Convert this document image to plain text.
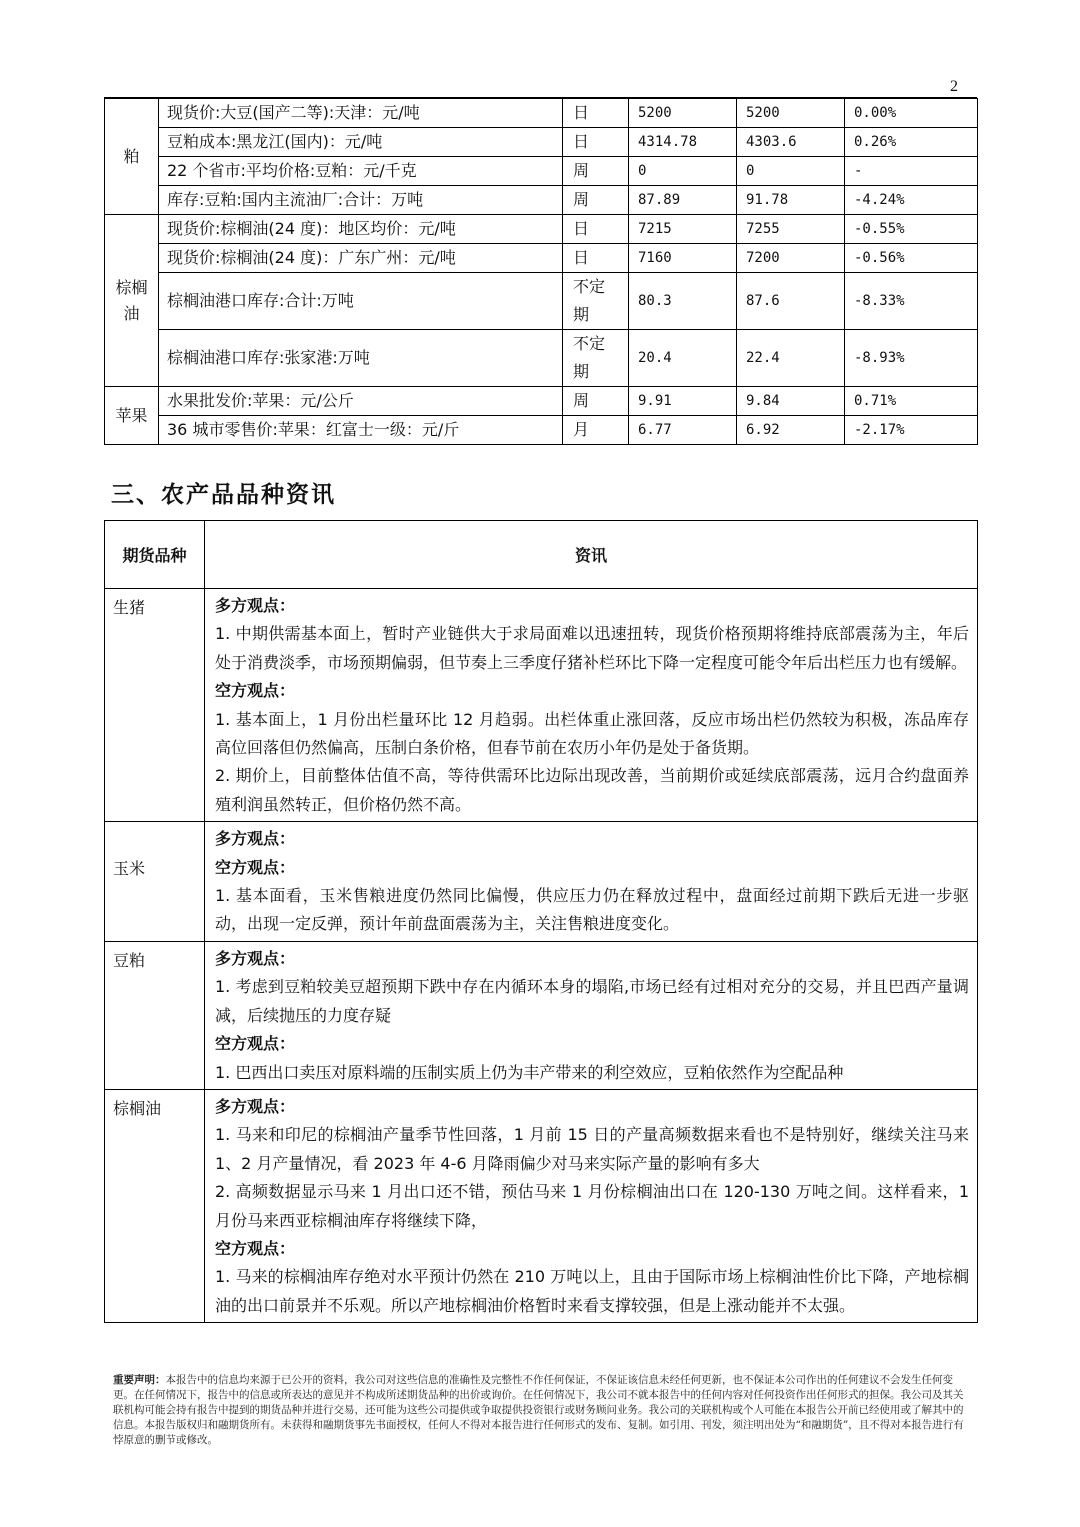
2
粕	现货价:大豆(国产二等):天津：元/吨	日	5200	5200	0.00%
	豆粕成本:黑龙江(国内)：元/吨	日	4314.78	4303.6	0.26%
	22 个省市:平均价格:豆粕：元/千克	周	0	0	-
	库存:豆粕:国内主流油厂:合计：万吨	周	87.89	91.78	-4.24%
棕榈油	现货价:棕榈油(24 度)：地区均价：元/吨	日	7215	7255	-0.55%
	现货价:棕榈油(24 度)：广东广州：元/吨	日	7160	7200	-0.56%
	棕榈油港口库存:合计:万吨	不定期	80.3	87.6	-8.33%
	棕榈油港口库存:张家港:万吨	不定期	20.4	22.4	-8.93%
苹果	水果批发价:苹果：元/公斤	周	9.91	9.84	0.71%
	36 城市零售价:苹果：红富士一级：元/斤	月	6.77	6.92	-2.17%
三、农产品品种资讯
期货品种	资讯
生猪	多方观点：
1. 中期供需基本面上，暂时产业链供大于求局面难以迅速扭转，现货价格预期将维持底部震荡为主，年后处于消费淡季，市场预期偏弱，但节奏上三季度仔猪补栏环比下降一定程度可能令年后出栏压力也有缓解。
空方观点：
1. 基本面上，1 月份出栏量环比 12 月趋弱。出栏体重止涨回落，反应市场出栏仍然较为积极，冻品库存高位回落但仍然偏高，压制白条价格，但春节前在农历小年仍是处于备货期。
2. 期价上，目前整体估值不高，等待供需环比边际出现改善，当前期价或延续底部震荡，远月合约盘面养殖利润虽然转正，但价格仍然不高。

玉米	多方观点：
空方观点：
1. 基本面看，玉米售粮进度仍然同比偏慢，供应压力仍在释放过程中，盘面经过前期下跌后无进一步驱动，出现一定反弹，预计年前盘面震荡为主，关注售粮进度变化。

豆粕	多方观点：
1. 考虑到豆粕较美豆超预期下跌中存在内循环本身的塌陷,市场已经有过相对充分的交易，并且巴西产量调减，后续抛压的力度存疑
空方观点：
1. 巴西出口卖压对原料端的压制实质上仍为丰产带来的利空效应，豆粕依然作为空配品种

棕榈油	多方观点：
1. 马来和印尼的棕榈油产量季节性回落，1 月前 15 日的产量高频数据来看也不是特别好，继续关注马来 1、2 月产量情况，看 2023 年 4-6 月降雨偏少对马来实际产量的影响有多大
2. 高频数据显示马来 1 月出口还不错，预估马来 1 月份棕榈油出口在 120-130 万吨之间。这样看来，1 月份马来西亚棕榈油库存将继续下降，
空方观点：
1. 马来的棕榈油库存绝对水平预计仍然在 210 万吨以上，且由于国际市场上棕榈油性价比下降，产地棕榈油的出口前景并不乐观。所以产地棕榈油价格暂时来看支撑较强，但是上涨动能并不太强。
重要声明：本报告中的信息均来源于已公开的资料，我公司对这些信息的准确性及完整性不作任何保证，不保证该信息未经任何更新，也不保证本公司作出的任何建议不会发生任何变更。在任何情况下，报告中的信息或所表达的意见并不构成所述期货品种的出价或询价。在任何情况下，我公司不就本报告中的任何内容对任何投资作出任何形式的担保。我公司及其关联机构可能会持有报告中提到的期货品种并进行交易，还可能为这些公司提供或争取提供投资银行或财务顾问业务。我公司的关联机构或个人可能在本报告公开前已经使用或了解其中的信息。本报告版权归和融期货所有。未获得和融期货事先书面授权，任何人不得对本报告进行任何形式的发布、复制。如引用、刊发，须注明出处为“和融期货”，且不得对本报告进行有悖原意的删节或修改。
